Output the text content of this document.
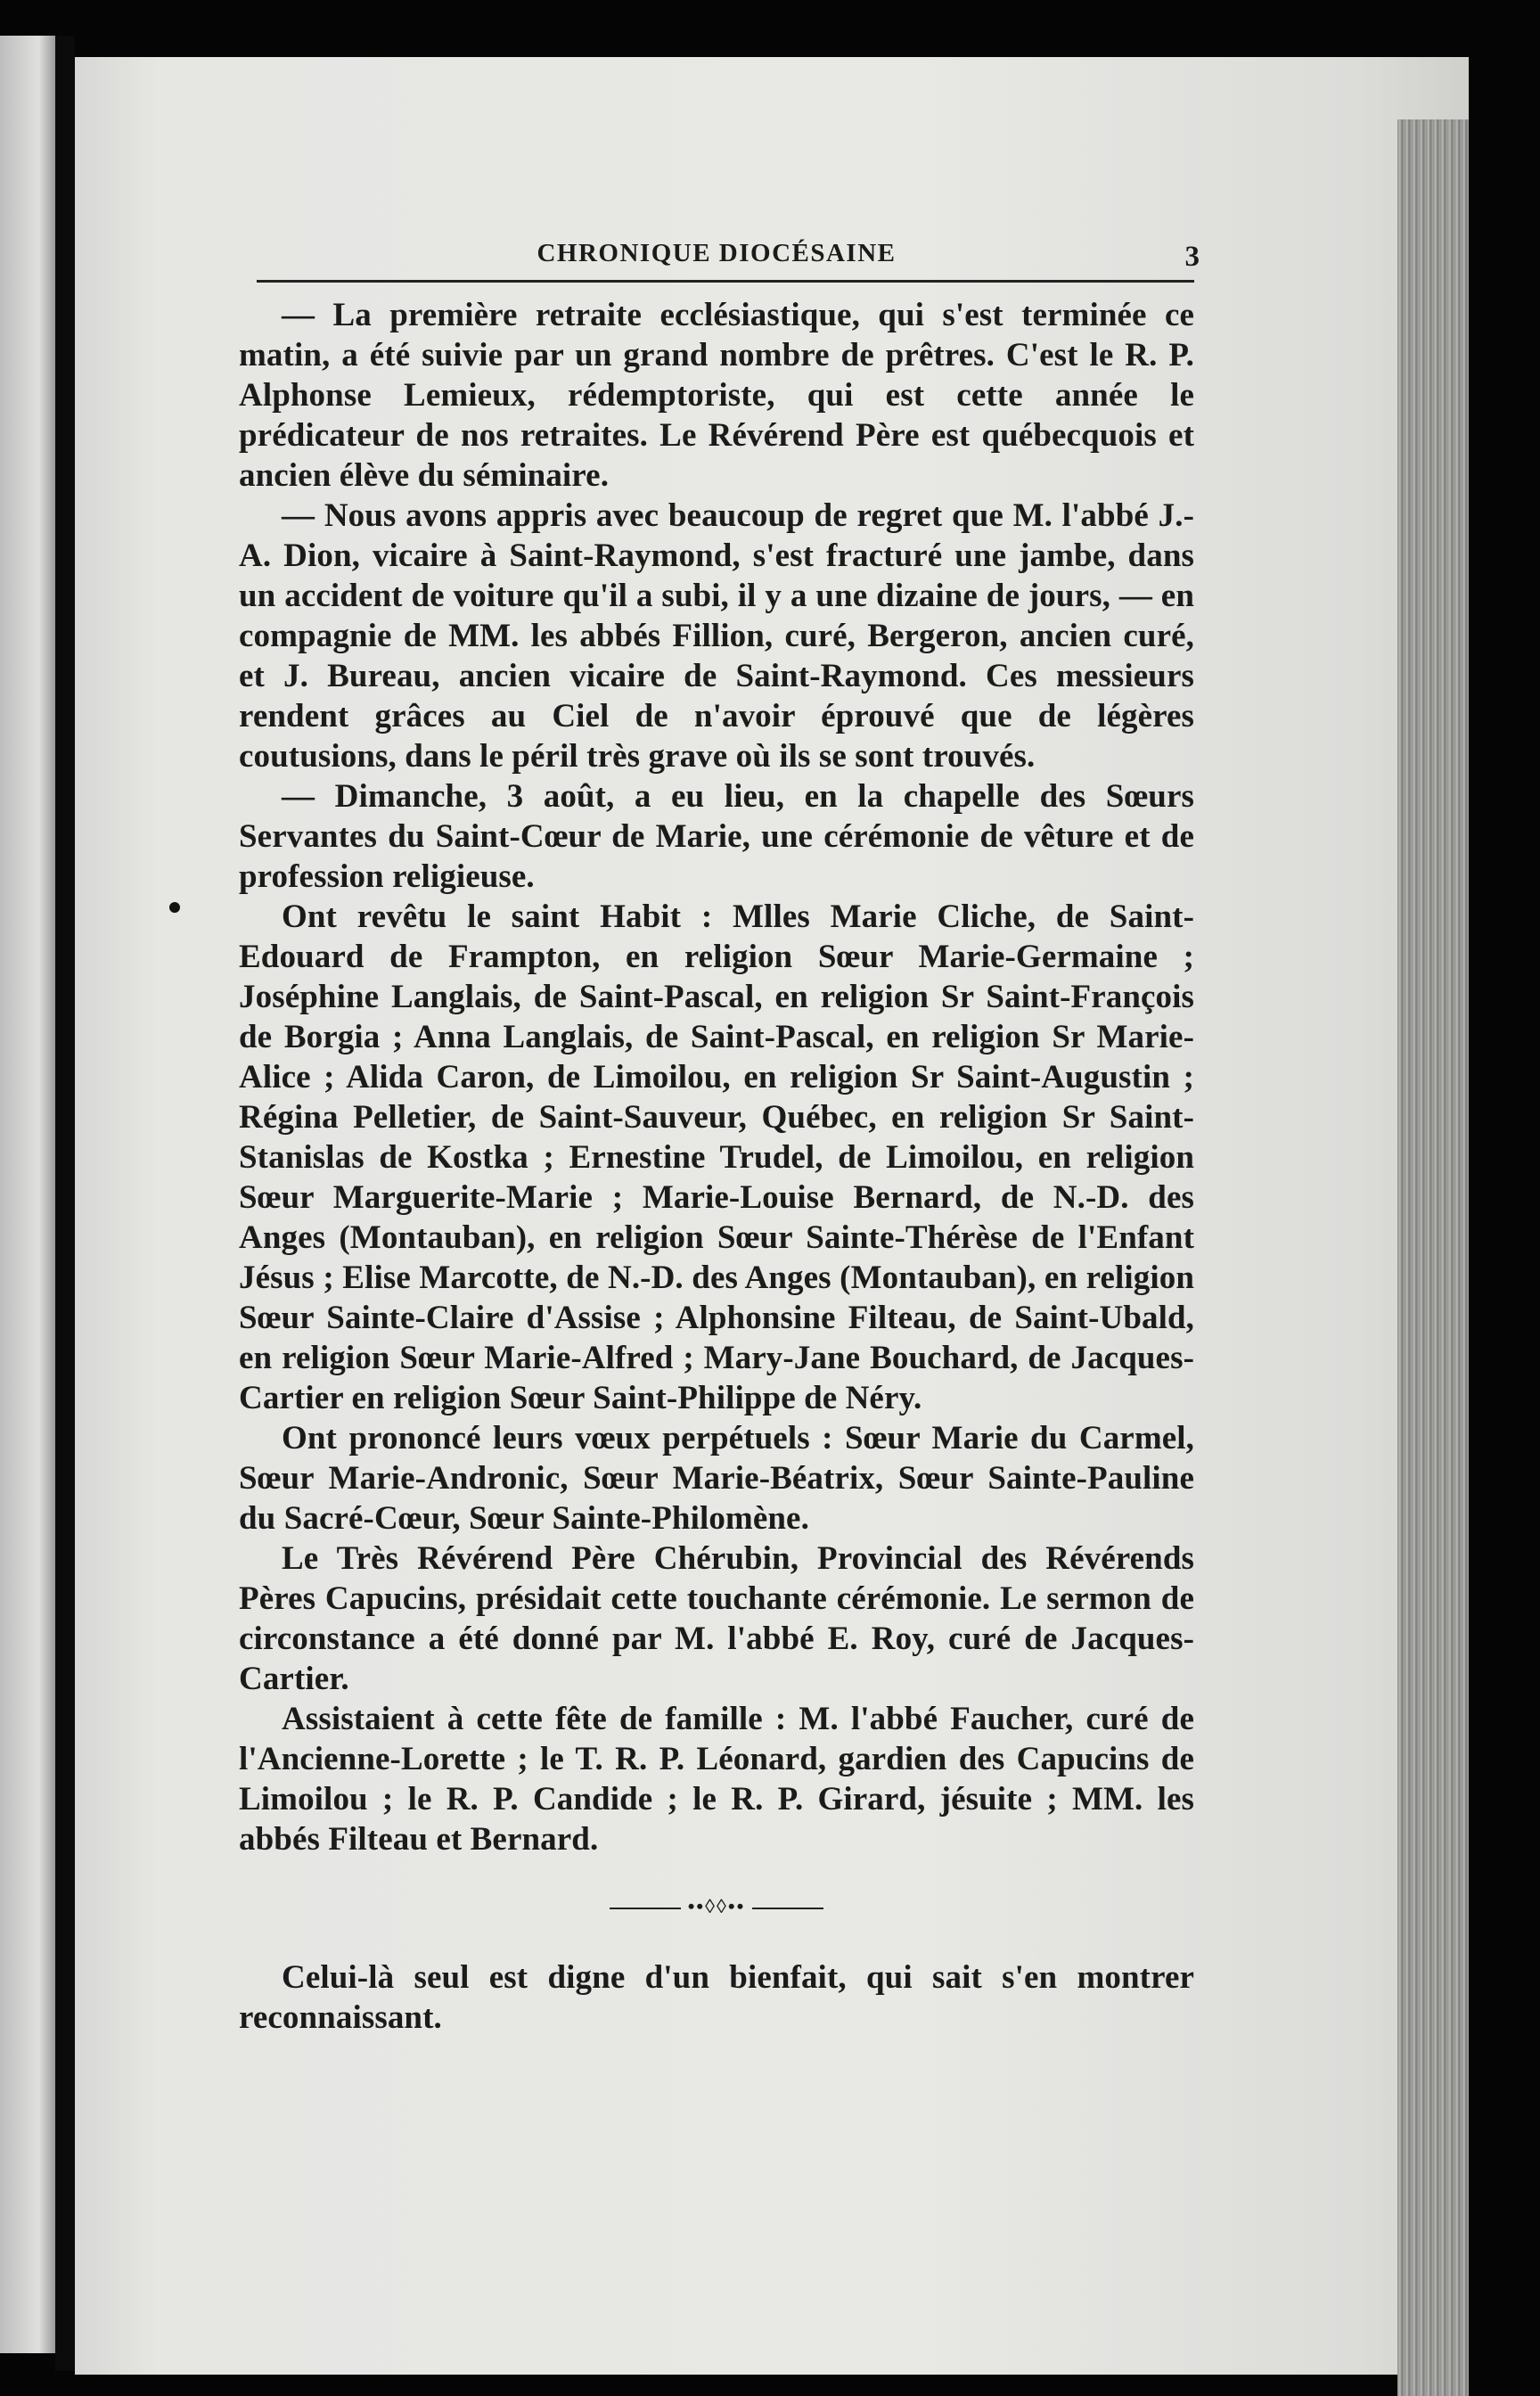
CHRONIQUE DIOCÉSAINE	3

— La première retraite ecclésiastique, qui s'est terminée ce matin, a été suivie par un grand nombre de prêtres. C'est le R. P. Alphonse Lemieux, rédemptoriste, qui est cette année le prédicateur de nos retraites. Le Révérend Père est québecquois et ancien élève du séminaire.

— Nous avons appris avec beaucoup de regret que M. l'abbé J.-A. Dion, vicaire à Saint-Raymond, s'est fracturé une jambe, dans un accident de voiture qu'il a subi, il y a une dizaine de jours, — en compagnie de MM. les abbés Fillion, curé, Bergeron, ancien curé, et J. Bureau, ancien vicaire de Saint-Raymond. Ces messieurs rendent grâces au Ciel de n'avoir éprouvé que de légères coutusions, dans le péril très grave où ils se sont trouvés.

— Dimanche, 3 août, a eu lieu, en la chapelle des Sœurs Servantes du Saint-Cœur de Marie, une cérémonie de vêture et de profession religieuse.

Ont revêtu le saint Habit : Mlles Marie Cliche, de Saint-Edouard de Frampton, en religion Sœur Marie-Germaine ; Joséphine Langlais, de Saint-Pascal, en religion Sr Saint-François de Borgia ; Anna Langlais, de Saint-Pascal, en religion Sr Marie-Alice ; Alida Caron, de Limoilou, en religion Sr Saint-Augustin ; Régina Pelletier, de Saint-Sauveur, Québec, en religion Sr Saint-Stanislas de Kostka ; Ernestine Trudel, de Limoilou, en religion Sœur Marguerite-Marie ; Marie-Louise Bernard, de N.-D. des Anges (Montauban), en religion Sœur Sainte-Thérèse de l'Enfant Jésus ; Elise Marcotte, de N.-D. des Anges (Montauban), en religion Sœur Sainte-Claire d'Assise ; Alphonsine Filteau, de Saint-Ubald, en religion Sœur Marie-Alfred ; Mary-Jane Bouchard, de Jacques-Cartier en religion Sœur Saint-Philippe de Néry.

Ont prononcé leurs vœux perpétuels : Sœur Marie du Carmel, Sœur Marie-Andronic, Sœur Marie-Béatrix, Sœur Sainte-Pauline du Sacré-Cœur, Sœur Sainte-Philomène.

Le Très Révérend Père Chérubin, Provincial des Révérends Pères Capucins, présidait cette touchante cérémonie. Le sermon de circonstance a été donné par M. l'abbé E. Roy, curé de Jacques-Cartier.

Assistaient à cette fête de famille : M. l'abbé Faucher, curé de l'Ancienne-Lorette ; le T. R. P. Léonard, gardien des Capucins de Limoilou ; le R. P. Candide ; le R. P. Girard, jésuite ; MM. les abbés Filteau et Bernard.

••◊◊••

Celui-là seul est digne d'un bienfait, qui sait s'en montrer reconnaissant.
